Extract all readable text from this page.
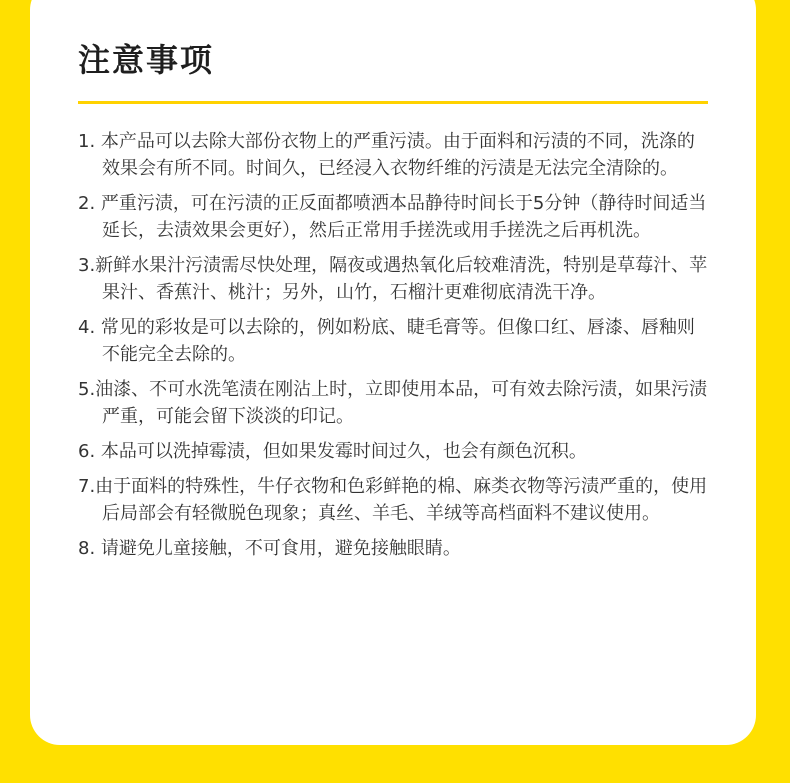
注意事项
1. 本产品可以去除大部份衣物上的严重污渍。由于面料和污渍的不同，洗涤的效果会有所不同。时间久，已经浸入衣物纤维的污渍是无法完全清除的。
2. 严重污渍，可在污渍的正反面都喷洒本品静待时间长于5分钟（静待时间适当延长，去渍效果会更好），然后正常用手搓洗或用手搓洗之后再机洗。
3.新鲜水果汁污渍需尽快处理，隔夜或遇热氧化后较难清洗，特别是草莓汁、苹果汁、香蕉汁、桃汁；另外，山竹，石榴汁更难彻底清洗干净。
4. 常见的彩妆是可以去除的，例如粉底、睫毛膏等。但像口红、唇漆、唇釉则不能完全去除的。
5.油漆、不可水洗笔渍在刚沾上时，立即使用本品，可有效去除污渍，如果污渍严重，可能会留下淡淡的印记。
6. 本品可以洗掉霉渍，但如果发霉时间过久，也会有颜色沉积。
7.由于面料的特殊性，牛仔衣物和色彩鲜艳的棉、麻类衣物等污渍严重的，使用后局部会有轻微脱色现象；真丝、羊毛、羊绒等高档面料不建议使用。
8. 请避免儿童接触，不可食用，避免接触眼睛。
